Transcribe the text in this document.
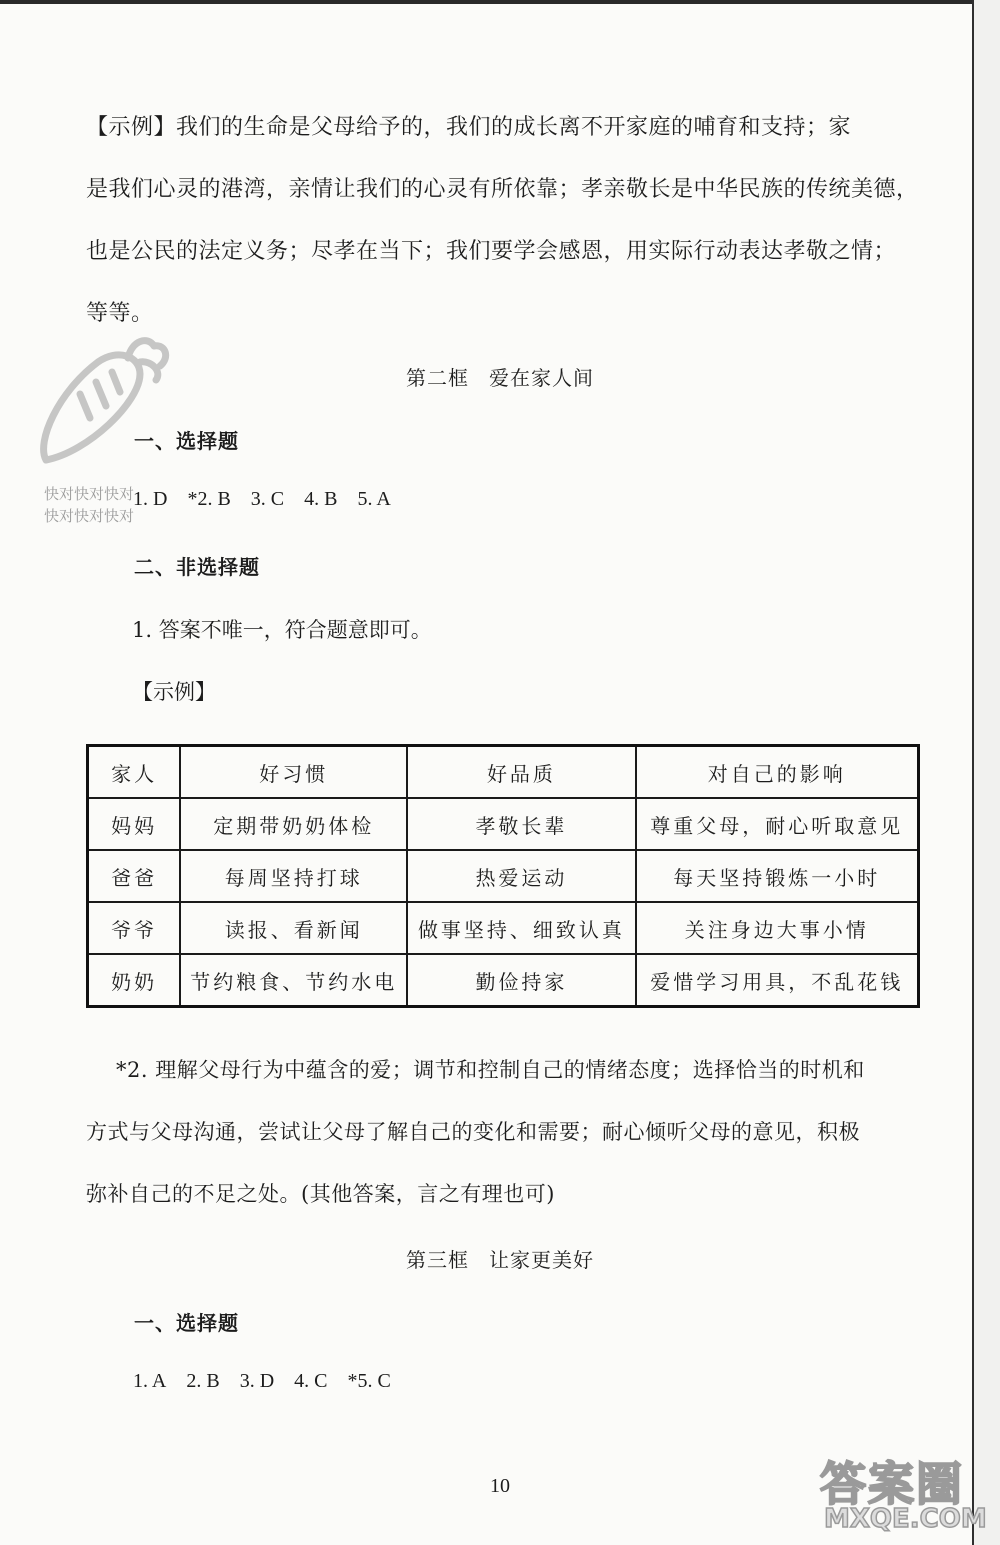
【示例】我们的生命是父母给予的，我们的成长离不开家庭的哺育和支持；家
是我们心灵的港湾，亲情让我们的心灵有所依靠；孝亲敬长是中华民族的传统美德，
也是公民的法定义务；尽孝在当下；我们要学会感恩，用实际行动表达孝敬之情；
等等。
第二框 爱在家人间
一、选择题
1. D *2. B 3. C 4. B 5. A
二、非选择题
1. 答案不唯一，符合题意即可。
【示例】
家人	好习惯	好品质	对自己的影响
妈妈	定期带奶奶体检	孝敬长辈	尊重父母，耐心听取意见
爸爸	每周坚持打球	热爱运动	每天坚持锻炼一小时
爷爷	读报、看新闻	做事坚持、细致认真	关注身边大事小情
奶奶	节约粮食、节约水电	勤俭持家	爱惜学习用具，不乱花钱
*2. 理解父母行为中蕴含的爱；调节和控制自己的情绪态度；选择恰当的时机和
方式与父母沟通，尝试让父母了解自己的变化和需要；耐心倾听父母的意见，积极
弥补自己的不足之处。(其他答案，言之有理也可)
第三框 让家更美好
一、选择题
1. A 2. B 3. D 4. C *5. C
10
快对快对快对
快对快对快对
答案圈
MXQE.COM
